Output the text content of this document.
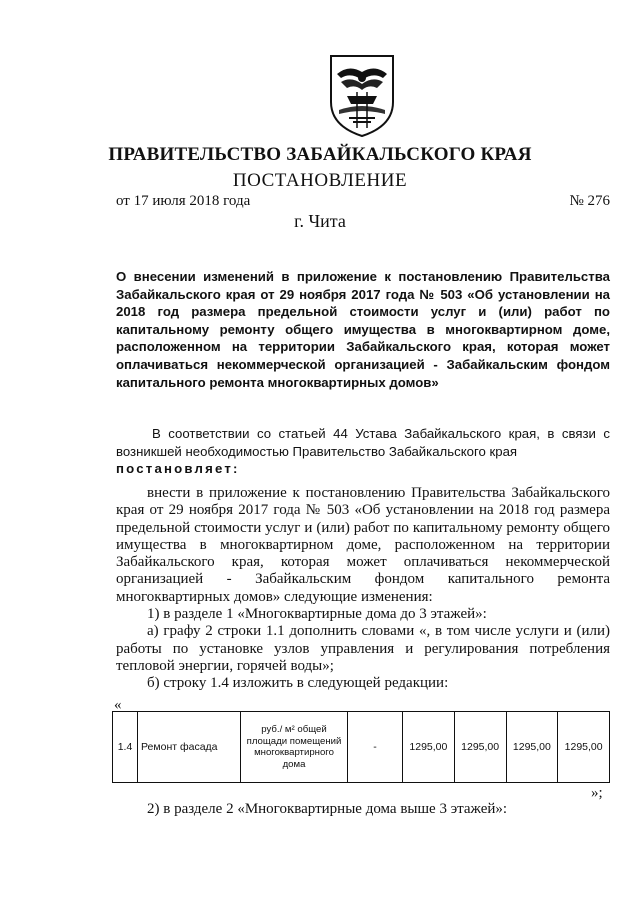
ПРАВИТЕЛЬСТВО ЗАБАЙКАЛЬСКОГО КРАЯ
ПОСТАНОВЛЕНИЕ
от 17 июля 2018 года	№ 276
г. Чита
О внесении изменений в приложение к постановлению Правительства Забайкальского края от 29 ноября 2017 года № 503 «Об установлении на 2018 год размера предельной стоимости услуг и (или) работ по капитальному ремонту общего имущества в многоквартирном доме, расположенном на территории Забайкальского края, которая может оплачиваться некоммерческой организацией - Забайкальским фондом капитального ремонта многоквартирных домов»
В соответствии со статьей 44 Устава Забайкальского края, в связи с возникшей необходимостью Правительство Забайкальского края
постановляет:

внести в приложение к постановлению Правительства Забайкальского края от 29 ноября 2017 года № 503 «Об установлении на 2018 год размера предельной стоимости услуг и (или) работ по капитальному ремонту общего имущества в многоквартирном доме, расположенном на территории Забайкальского края, которая может оплачиваться некоммерческой организацией - Забайкальским фондом капитального ремонта многоквартирных домов» следующие изменения:

1) в разделе 1 «Многоквартирные дома до 3 этажей»:

а) графу 2 строки 1.1 дополнить словами «, в том числе услуги и (или) работы по установке узлов управления и регулирования потребления тепловой энергии, горячей воды»;

б) строку 1.4 изложить в следующей редакции:

«
1.4	Ремонт фасада	руб./ м² общей площади помещений многоквартирного дома	-	1295,00	1295,00	1295,00	1295,00
»;
2) в разделе 2 «Многоквартирные дома выше 3 этажей»:
